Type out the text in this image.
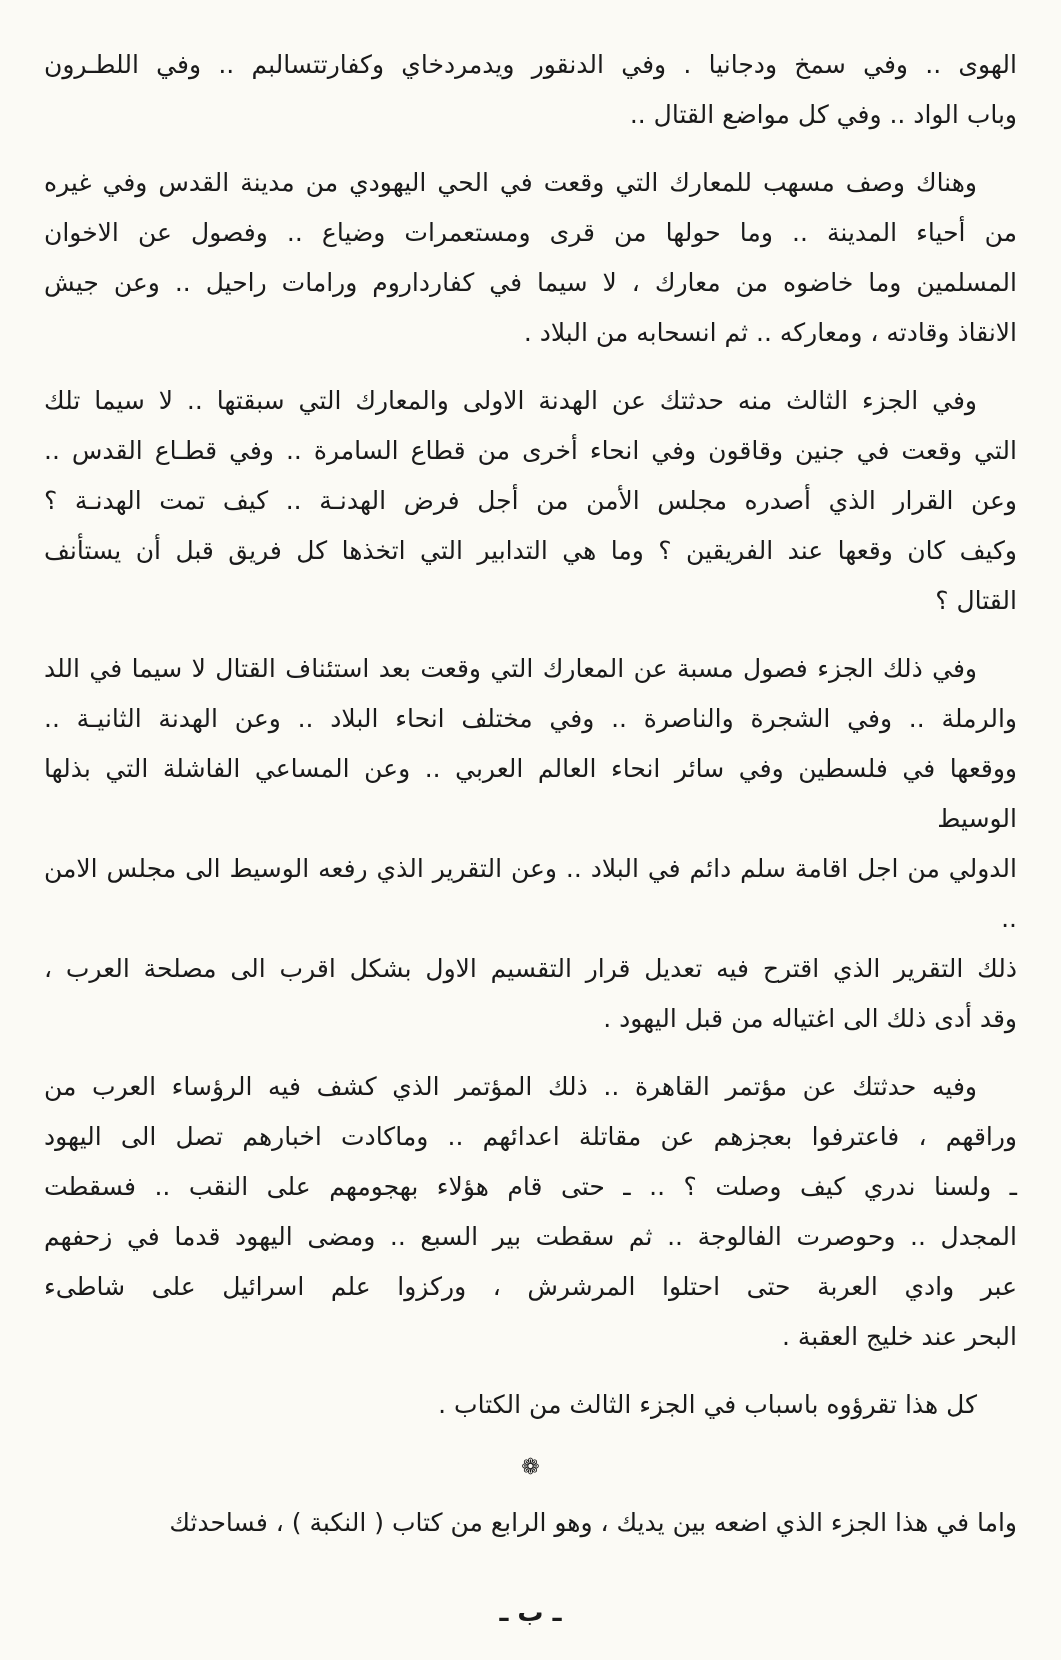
الهوى .. وفي سمخ ودجانيا . وفي الدنقور ويدمردخاي وكفارتتسالبم .. وفي اللطـرون
وباب الواد .. وفي كل مواضع القتال ..
وهناك وصف مسهب للمعارك التي وقعت في الحي اليهودي من مدينة القدس وفي غيره
من أحياء المدينة .. وما حولها من قرى ومستعمرات وضياع .. وفصول عن الاخوان
المسلمين وما خاضوه من معارك ، لا سيما في كفارداروم ورامات راحيل .. وعن جيش
الانقاذ وقادته ، ومعاركه .. ثم انسحابه من البلاد .
وفي الجزء الثالث منه حدثتك عن الهدنة الاولى والمعارك التي سبقتها .. لا سيما تلك
التي وقعت في جنين وقاقون وفي انحاء أخرى من قطاع السامرة .. وفي قطـاع القدس ..
وعن القرار الذي أصدره مجلس الأمن من أجل فرض الهدنـة .. كيف تمت الهدنـة ؟
وكيف كان وقعها عند الفريقين ؟ وما هي التدابير التي اتخذها كل فريق قبل أن يستأنف
القتال ؟
وفي ذلك الجزء فصول مسبة عن المعارك التي وقعت بعد استئناف القتال لا سيما في اللد
والرملة .. وفي الشجرة والناصرة .. وفي مختلف انحاء البلاد .. وعن الهدنة الثانيـة ..
ووقعها في فلسطين وفي سائر انحاء العالم العربي .. وعن المساعي الفاشلة التي بذلها الوسيط
الدولي من اجل اقامة سلم دائم في البلاد .. وعن التقرير الذي رفعه الوسيط الى مجلس الامن ..
ذلك التقرير الذي اقترح فيه تعديل قرار التقسيم الاول بشكل اقرب الى مصلحة العرب ،
وقد أدى ذلك الى اغتياله من قبل اليهود .
وفيه حدثتك عن مؤتمر القاهرة .. ذلك المؤتمر الذي كشف فيه الرؤساء العرب من
وراقهم ، فاعترفوا بعجزهم عن مقاتلة اعدائهم .. وماكادت اخبارهم تصل الى اليهود
ـ ولسنا ندري كيف وصلت ؟ .. ـ حتى قام هؤلاء بهجومهم على النقب .. فسقطت
المجدل .. وحوصرت الفالوجة .. ثم سقطت بير السبع .. ومضى اليهود قدما في زحفهم
عبر وادي العربة حتى احتلوا المرشرش ، وركزوا علم اسرائيل على شاطىء
البحر عند خليج العقبة .
كل هذا تقرؤوه باسباب في الجزء الثالث من الكتاب .
❁
واما في هذا الجزء الذي اضعه بين يديك ، وهو الرابع من كتاب ( النكبة ) ، فساحدثك
ـ ب ـ
